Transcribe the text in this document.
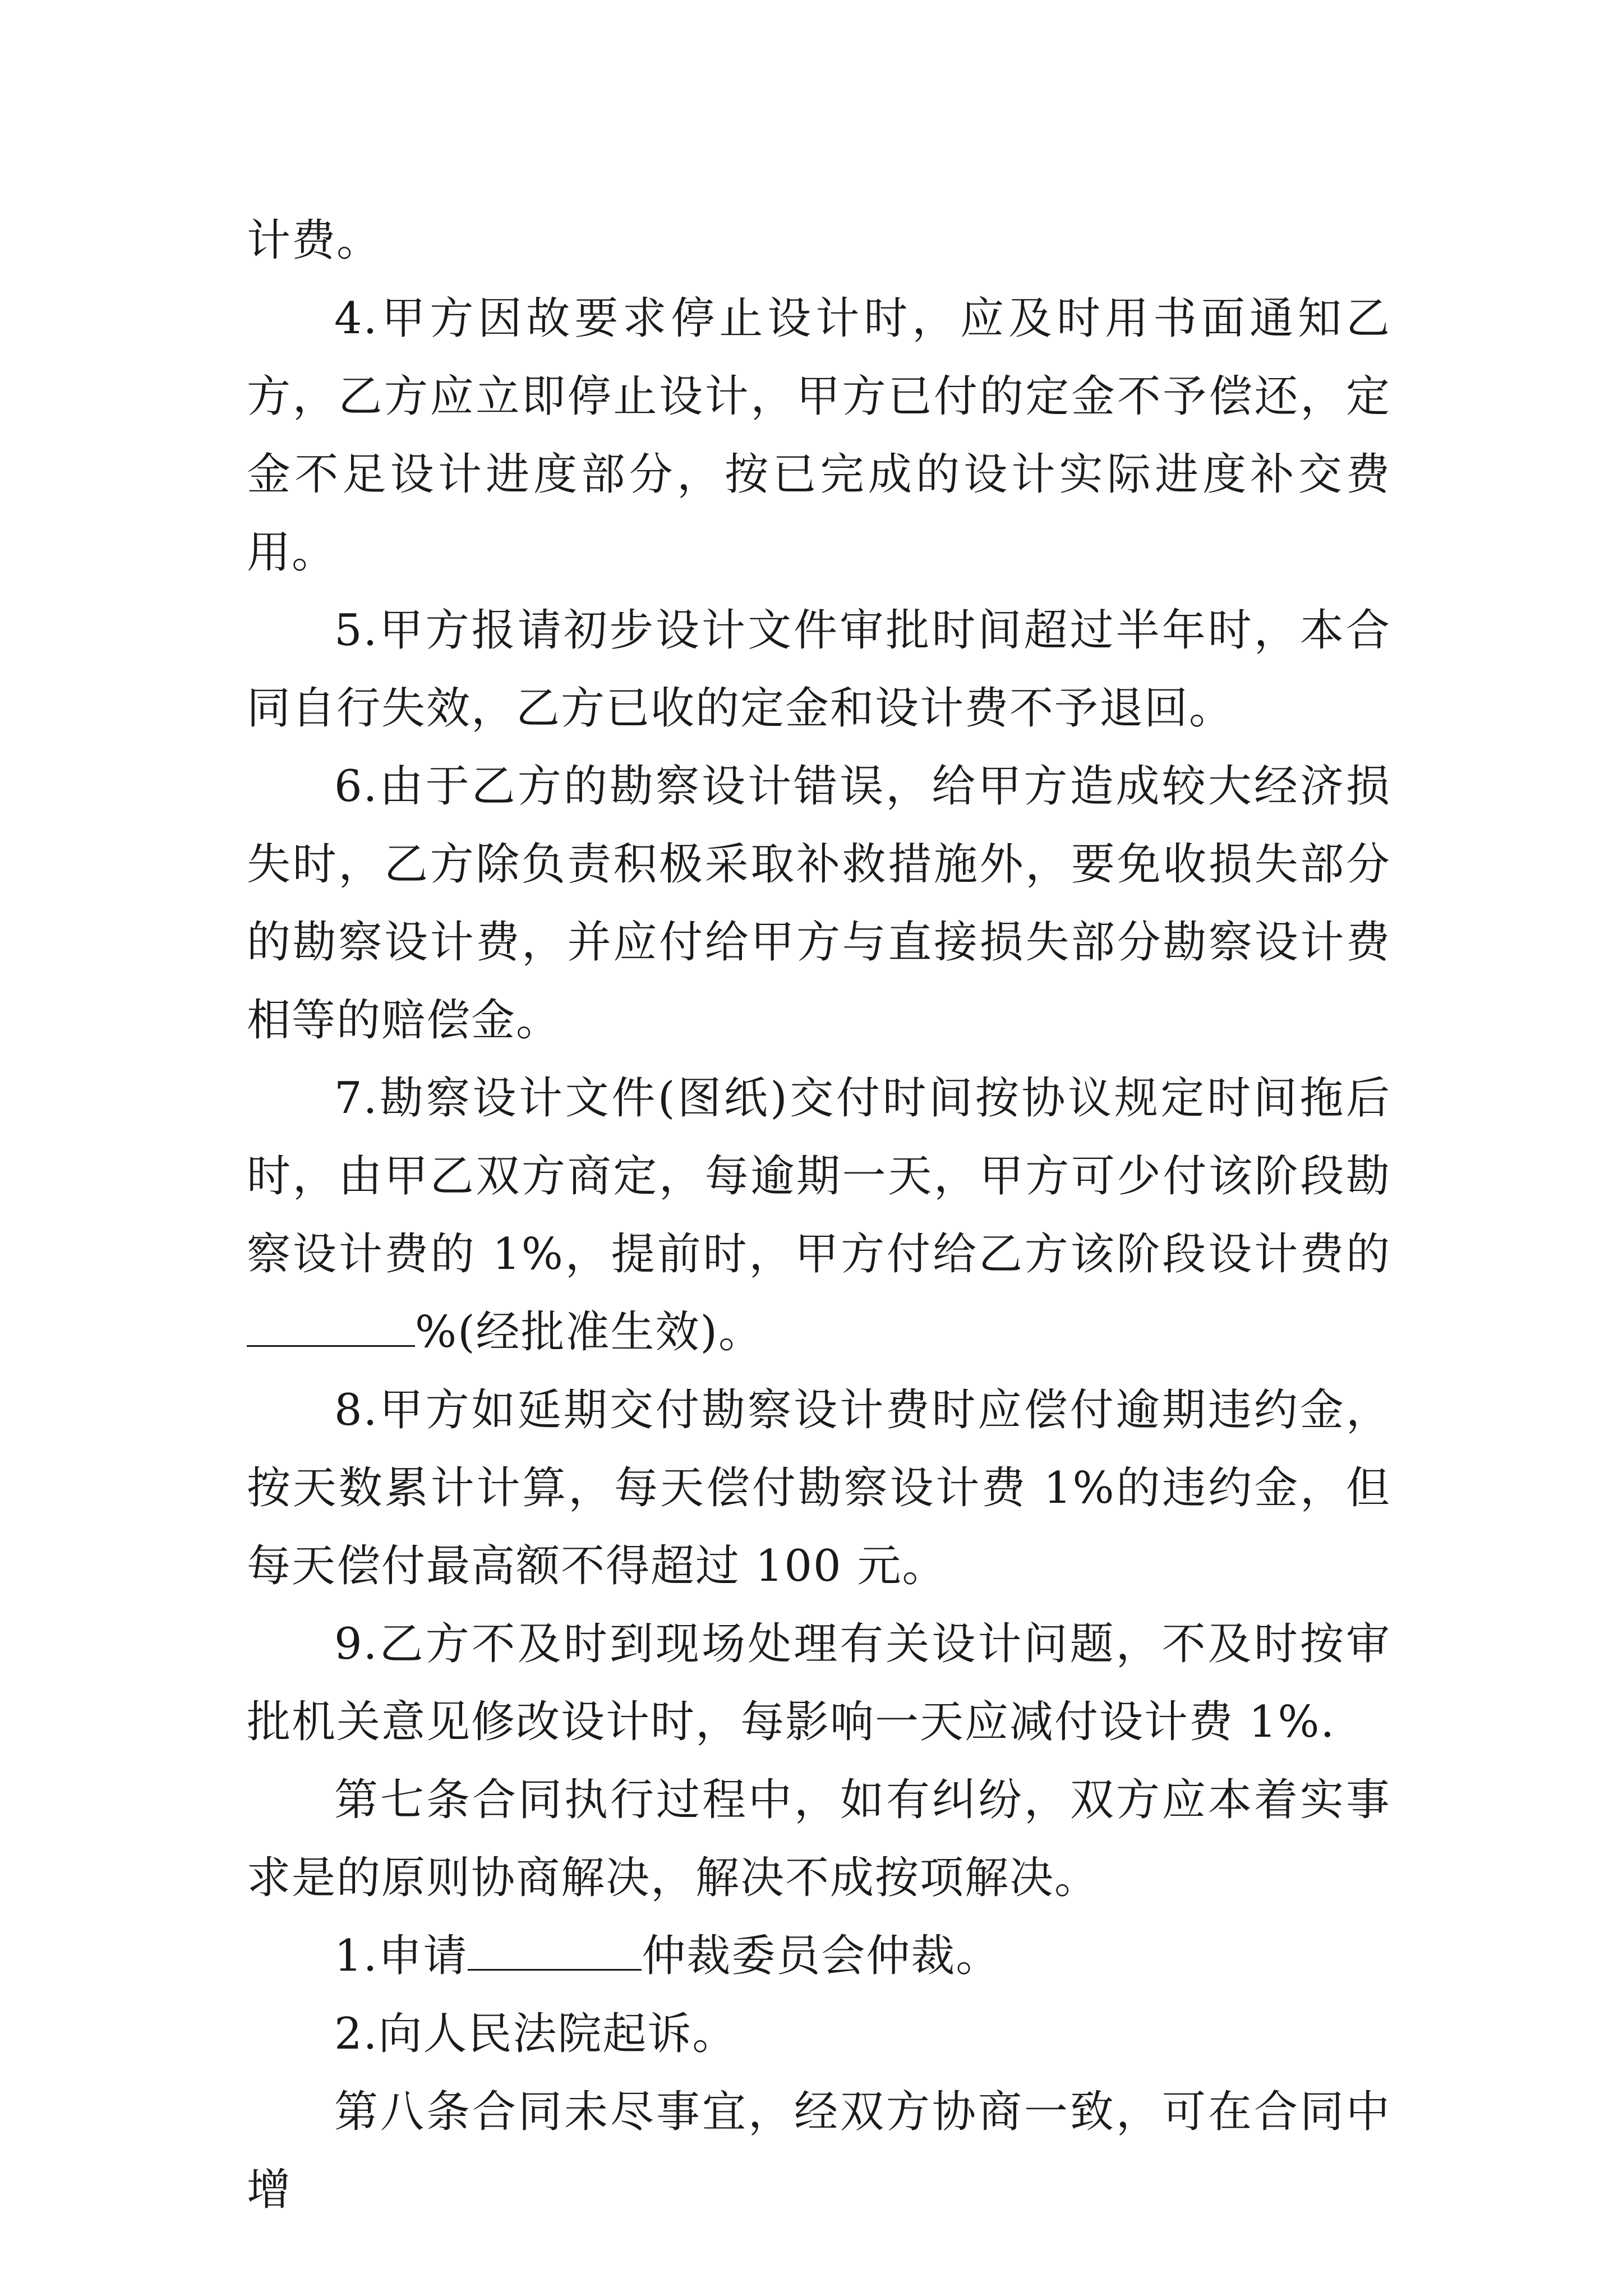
计费。

4.甲方因故要求停止设计时，应及时用书面通知乙方，乙方应立即停止设计，甲方已付的定金不予偿还，定金不足设计进度部分，按已完成的设计实际进度补交费用。

5.甲方报请初步设计文件审批时间超过半年时，本合同自行失效，乙方已收的定金和设计费不予退回。

6.由于乙方的勘察设计错误，给甲方造成较大经济损失时，乙方除负责积极采取补救措施外，要免收损失部分的勘察设计费，并应付给甲方与直接损失部分勘察设计费相等的赔偿金。

7.勘察设计文件(图纸)交付时间按协议规定时间拖后时，由甲乙双方商定，每逾期一天，甲方可少付该阶段勘察设计费的 1%，提前时，甲方付给乙方该阶段设计费的%(经批准生效)。

8.甲方如延期交付勘察设计费时应偿付逾期违约金，按天数累计计算，每天偿付勘察设计费 1%的违约金，但每天偿付最高额不得超过 100 元。

9.乙方不及时到现场处理有关设计问题，不及时按审批机关意见修改设计时，每影响一天应减付设计费 1%.

第七条合同执行过程中，如有纠纷，双方应本着实事求是的原则协商解决，解决不成按项解决。

1.申请	仲裁委员会仲裁。

2.向人民法院起诉。

第八条合同未尽事宜，经双方协商一致，可在合同中增
